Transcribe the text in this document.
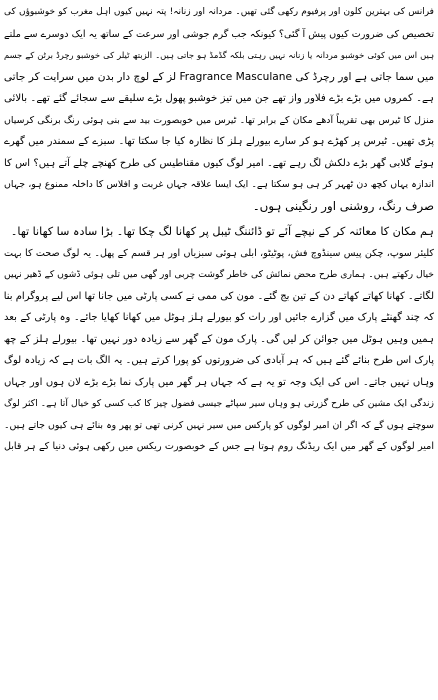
فرانس کی بہترین کلون اور پرفیوم رکھی گئی تھیں۔ مردانہ اور زنانہ! پتہ نہیں کیوں اہل مغرب کو خوشبوؤں کی
تخصیص کی ضرورت کیوں پیش آ گئی؟ کیونکہ جب گرم جوشی اور سرعت کے ساتھ یہ ایک دوسرے سے ملتے
ہیں اس میں کوئی خوشبو مردانہ یا زنانہ نہیں رہتی بلکہ گڈمڈ ہو جاتی ہیں۔ الزبتھ ٹیلر کی خوشبو رچرڈ برٹن کے جسم
میں سما جاتی ہے اور رچرڈ کی Fragrance Masculane لز کے لوچ دار بدن میں سرایت کر جاتی
ہے۔ کمروں میں بڑے بڑے فلاور واز تھے جن میں تیز خوشبو پھول بڑے سلیقے سے سجائے گئے تھے۔ بالائی
منزل کا ٹیرس بھی تقریباً آدھے مکان کے برابر تھا۔ ٹیرس میں خوبصورت بید سے بنی ہوئی رنگ برنگی کرسیاں
پڑی تھیں۔ ٹیرس پر کھڑے ہو کر سارے بیورلے ہلز کا نظارہ کیا جا سکتا تھا۔ سبزے کے سمندر میں گھرے
ہوئے گلابی گھر بڑے دلکش لگ رہے تھے۔ امیر لوگ کیوں مقناطیس کی طرح کھنچے چلے آتے ہیں؟ اس کا
اندازہ یہاں کچھ دن ٹھہر کر ہی ہو سکتا ہے۔ ایک ایسا علاقہ جہاں غربت و افلاس کا داخلہ ممنوع ہو، جہاں
صرف رنگ، روشنی اور رنگینی ہوں۔
ہم مکان کا معائنہ کر کے نیچے آئے تو ڈائننگ ٹیبل پر کھانا لگ چکا تھا۔ بڑا سادہ سا کھانا تھا۔
کلیئر سوپ، چکن پیس سینڈوچ فش، پوٹیٹو، ابلی ہوئی سبزیاں اور ہر قسم کے پھل۔ یہ لوگ صحت کا بہت
خیال رکھتے ہیں۔ ہماری طرح محض نمائش کی خاطر گوشت چربی اور گھی میں تلی ہوئی ڈشوں کے ڈھیر نہیں
لگاتے۔ کھانا کھاتے کھاتے دن کے تین بج گئے۔ مون کی ممی نے کسی پارٹی میں جانا تھا اس لیے پروگرام بنا
کہ چند گھنٹے پارک میں گزارے جائیں اور رات کو بیورلے ہلز ہوٹل میں کھانا کھایا جائے۔ وہ پارٹی کے بعد
ہمیں وہیں ہوٹل میں جوائن کر لیں گی۔ پارک مون کے گھر سے زیادہ دور نہیں تھا۔ بیورلے ہلز کے چھ
پارک اس طرح بنائے گئے ہیں کہ ہر آبادی کی ضرورتوں کو پورا کرتے ہیں۔ یہ الگ بات ہے کہ زیادہ لوگ
وہاں نہیں جاتے۔ اس کی ایک وجہ تو یہ ہے کہ جہاں ہر گھر میں پارک نما بڑے بڑے لان ہوں اور جہاں
زندگی ایک مشین کی طرح گزرتی ہو وہاں سیر سپاٹے جیسی فضول چیز کا کب کسی کو خیال آتا ہے۔ اکثر لوگ
سوچتے ہوں گے کہ اگر ان امیر لوگوں کو پارکس میں سیر نہیں کرنی تھی تو پھر وہ بنائے ہی کیوں جاتے ہیں۔
امیر لوگوں کے گھر میں ایک ریڈنگ روم ہوتا ہے جس کے خوبصورت ریکس میں رکھی ہوئی دنیا کے ہر قابل
